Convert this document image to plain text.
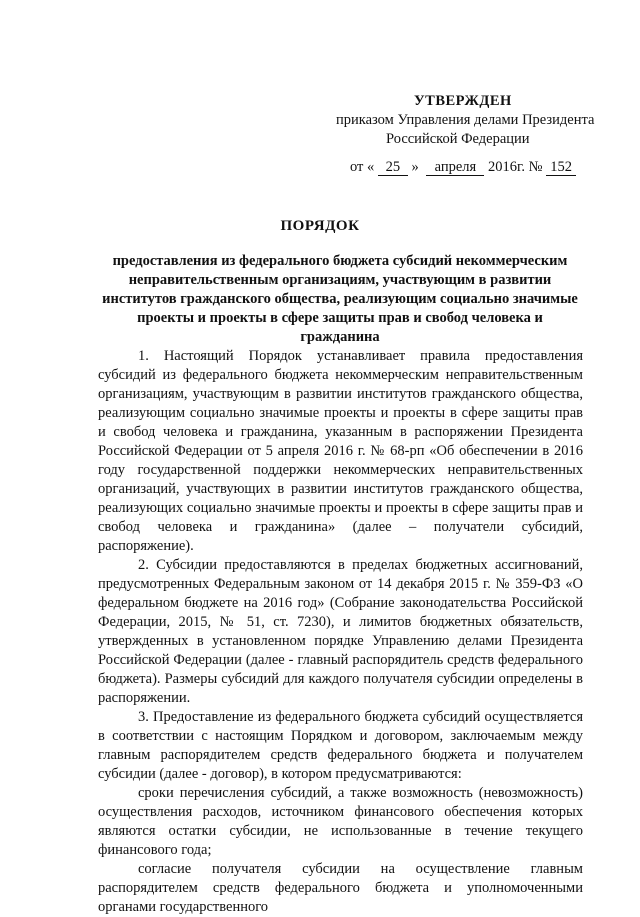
УТВЕРЖДЕН
приказом Управления делами Президента
Российской Федерации
от « 25 » апреля 2016г. № 152
ПОРЯДОК
предоставления из федерального бюджета субсидий некоммерческим неправительственным организациям, участвующим в развитии институтов гражданского общества, реализующим социально значимые проекты и проекты в сфере защиты прав и свобод человека и гражданина

1. Настоящий Порядок устанавливает правила предоставления субсидий из федерального бюджета некоммерческим неправительственным организациям, участвующим в развитии институтов гражданского общества, реализующим социально значимые проекты и проекты в сфере защиты прав и свобод человека и гражданина, указанным в распоряжении Президента Российской Федерации от 5 апреля 2016 г. № 68-рп «Об обеспечении в 2016 году государственной поддержки некоммерческих неправительственных организаций, участвующих в развитии институтов гражданского общества, реализующих социально значимые проекты и проекты в сфере защиты прав и свобод человека и гражданина» (далее – получатели субсидий, распоряжение).

2. Субсидии предоставляются в пределах бюджетных ассигнований, предусмотренных Федеральным законом от 14 декабря 2015 г. № 359-ФЗ «О федеральном бюджете на 2016 год» (Собрание законодательства Российской Федерации, 2015, № 51, ст. 7230), и лимитов бюджетных обязательств, утвержденных в установленном порядке Управлению делами Президента Российской Федерации (далее - главный распорядитель средств федерального бюджета). Размеры субсидий для каждого получателя субсидии определены в распоряжении.

3. Предоставление из федерального бюджета субсидий осуществляется в соответствии с настоящим Порядком и договором, заключаемым между главным распорядителем средств федерального бюджета и получателем субсидии (далее - договор), в котором предусматриваются:

сроки перечисления субсидий, а также возможность (невозможность) осуществления расходов, источником финансового обеспечения которых являются остатки субсидии, не использованные в течение текущего финансового года;

согласие получателя субсидии на осуществление главным распорядителем средств федерального бюджета и уполномоченными органами государственного
